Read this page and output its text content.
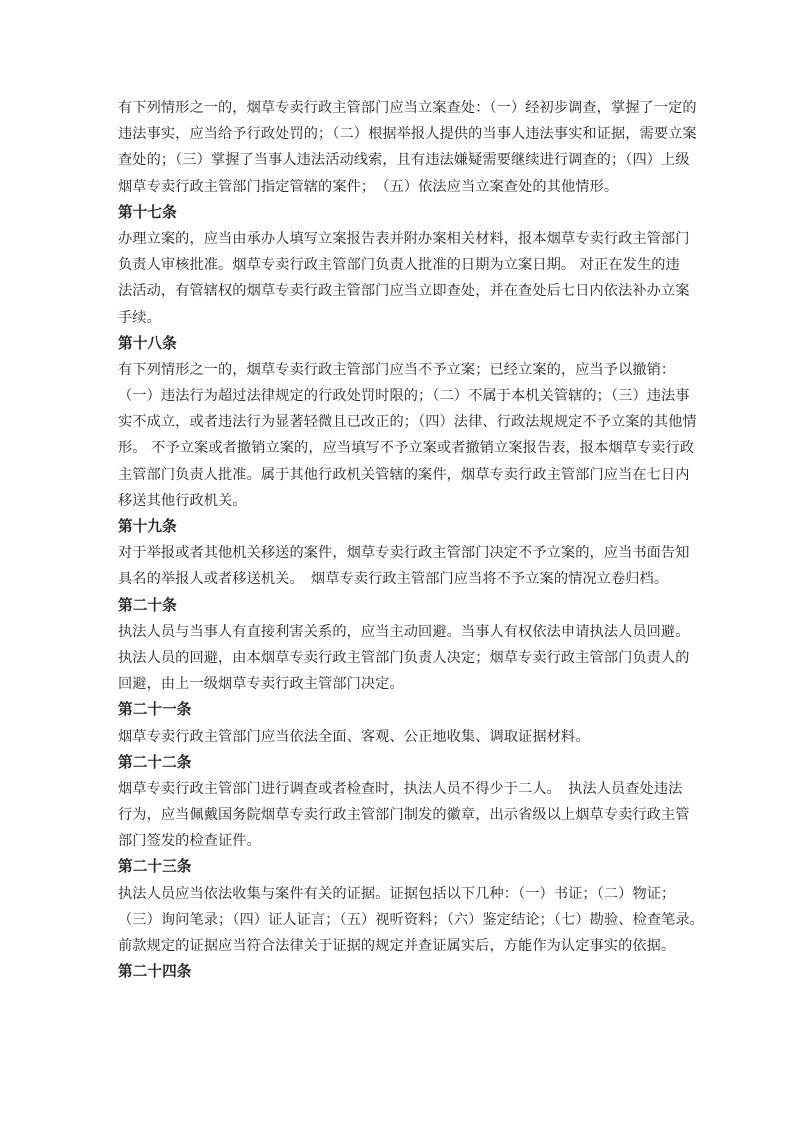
有下列情形之一的，烟草专卖行政主管部门应当立案查处：（一）经初步调查，掌握了一定的
违法事实，应当给予行政处罚的；（二）根据举报人提供的当事人违法事实和证据，需要立案
查处的；（三）掌握了当事人违法活动线索，且有违法嫌疑需要继续进行调查的；（四）上级
烟草专卖行政主管部门指定管辖的案件；　（五）依法应当立案查处的其他情形。
第十七条
办理立案的，应当由承办人填写立案报告表并附办案相关材料，报本烟草专卖行政主管部门
负责人审核批准。烟草专卖行政主管部门负责人批准的日期为立案日期。 对正在发生的违
法活动，有管辖权的烟草专卖行政主管部门应当立即查处，并在查处后七日内依法补办立案
手续。
第十八条
有下列情形之一的，烟草专卖行政主管部门应当不予立案；已经立案的，应当予以撤销：
（一）违法行为超过法律规定的行政处罚时限的；（二）不属于本机关管辖的；（三）违法事
实不成立，或者违法行为显著轻微且已改正的；（四）法律、行政法规规定不予立案的其他情
形。 不予立案或者撤销立案的，应当填写不予立案或者撤销立案报告表，报本烟草专卖行政
主管部门负责人批准。属于其他行政机关管辖的案件，烟草专卖行政主管部门应当在七日内
移送其他行政机关。
第十九条
对于举报或者其他机关移送的案件，烟草专卖行政主管部门决定不予立案的，应当书面告知
具名的举报人或者移送机关。　烟草专卖行政主管部门应当将不予立案的情况立卷归档。
第二十条
执法人员与当事人有直接利害关系的，应当主动回避。当事人有权依法申请执法人员回避。
执法人员的回避，由本烟草专卖行政主管部门负责人决定；烟草专卖行政主管部门负责人的
回避，由上一级烟草专卖行政主管部门决定。
第二十一条
烟草专卖行政主管部门应当依法全面、客观、公正地收集、调取证据材料。
第二十二条
烟草专卖行政主管部门进行调查或者检查时，执法人员不得少于二人。　执法人员查处违法
行为，应当佩戴国务院烟草专卖行政主管部门制发的徽章，出示省级以上烟草专卖行政主管
部门签发的检查证件。
第二十三条
执法人员应当依法收集与案件有关的证据。证据包括以下几种：（一）书证；（二）物证；
（三）询问笔录；（四）证人证言；（五）视听资料；（六）鉴定结论；（七）勘验、检查笔录。
前款规定的证据应当符合法律关于证据的规定并查证属实后，方能作为认定事实的依据。
第二十四条
